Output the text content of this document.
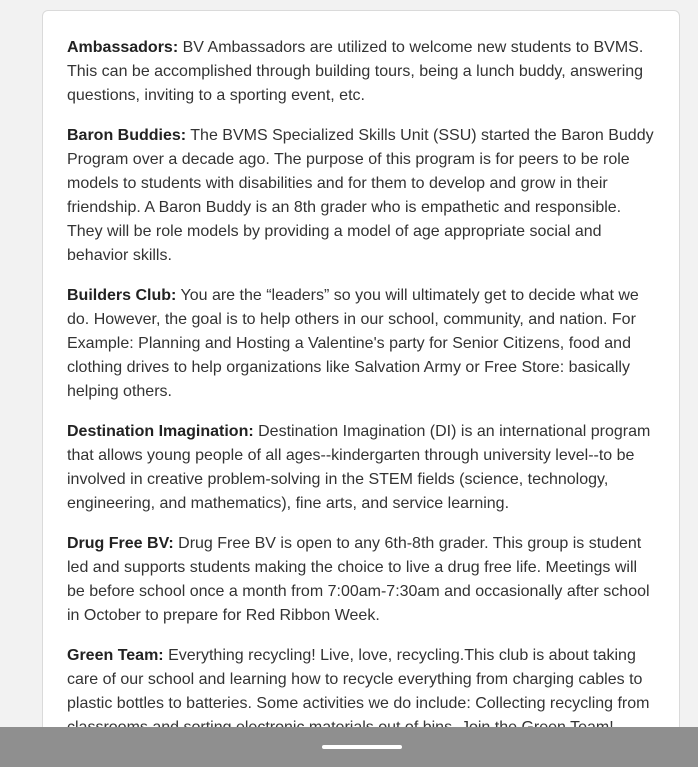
Ambassadors: BV Ambassadors are utilized to welcome new students to BVMS. This can be accomplished through building tours, being a lunch buddy, answering questions, inviting to a sporting event, etc.

Baron Buddies: The BVMS Specialized Skills Unit (SSU) started the Baron Buddy Program over a decade ago. The purpose of this program is for peers to be role models to students with disabilities and for them to develop and grow in their friendship. A Baron Buddy is an 8th grader who is empathetic and responsible. They will be role models by providing a model of age appropriate social and behavior skills.

Builders Club: You are the “leaders” so you will ultimately get to decide what we do. However, the goal is to help others in our school, community, and nation. For Example: Planning and Hosting a Valentine's party for Senior Citizens, food and clothing drives to help organizations like Salvation Army or Free Store: basically helping others.

Destination Imagination: Destination Imagination (DI) is an international program that allows young people of all ages--kindergarten through university level--to be involved in creative problem-solving in the STEM fields (science, technology, engineering, and mathematics), fine arts, and service learning.

Drug Free BV: Drug Free BV is open to any 6th-8th grader. This group is student led and supports students making the choice to live a drug free life. Meetings will be before school once a month from 7:00am-7:30am and occasionally after school in October to prepare for Red Ribbon Week.

Green Team: Everything recycling! Live, love, recycling.This club is about taking care of our school and learning how to recycle everything from charging cables to plastic bottles to batteries. Some activities we do include: Collecting recycling from
